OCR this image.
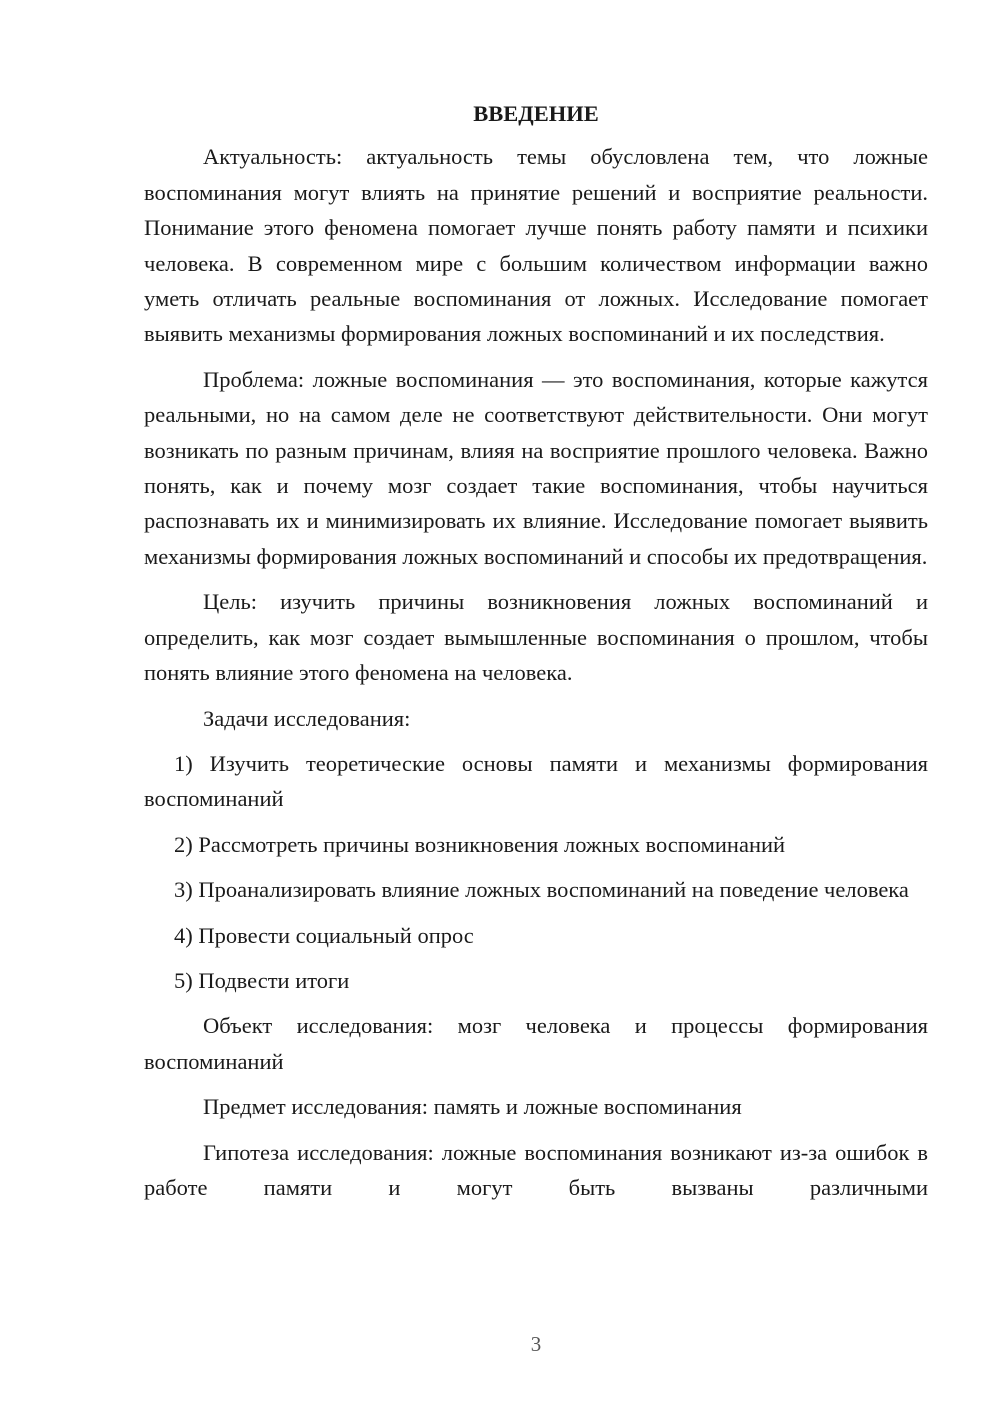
ВВЕДЕНИЕ

Актуальность: актуальность темы обусловлена тем, что ложные воспоминания могут влиять на принятие решений и восприятие реальности. Понимание этого феномена помогает лучше понять работу памяти и психики человека. В современном мире с большим количеством информации важно уметь отличать реальные воспоминания от ложных. Исследование помогает выявить механизмы формирования ложных воспоминаний и их последствия.

Проблема: ложные воспоминания — это воспоминания, которые кажутся реальными, но на самом деле не соответствуют действительности. Они могут возникать по разным причинам, влияя на восприятие прошлого человека. Важно понять, как и почему мозг создает такие воспоминания, чтобы научиться распознавать их и минимизировать их влияние. Исследование помогает выявить механизмы формирования ложных воспоминаний и способы их предотвращения.

Цель: изучить причины возникновения ложных воспоминаний и определить, как мозг создает вымышленные воспоминания о прошлом, чтобы понять влияние этого феномена на человека.

Задачи исследования:

1) Изучить теоретические основы памяти и механизмы формирования воспоминаний

2) Рассмотреть причины возникновения ложных воспоминаний

3) Проанализировать влияние ложных воспоминаний на поведение человека

4) Провести социальный опрос

5) Подвести итоги

Объект исследования: мозг человека и процессы формирования воспоминаний

Предмет исследования: память и ложные воспоминания

Гипотеза исследования: ложные воспоминания возникают из-за ошибок в работе памяти и могут быть вызваны различными

3
